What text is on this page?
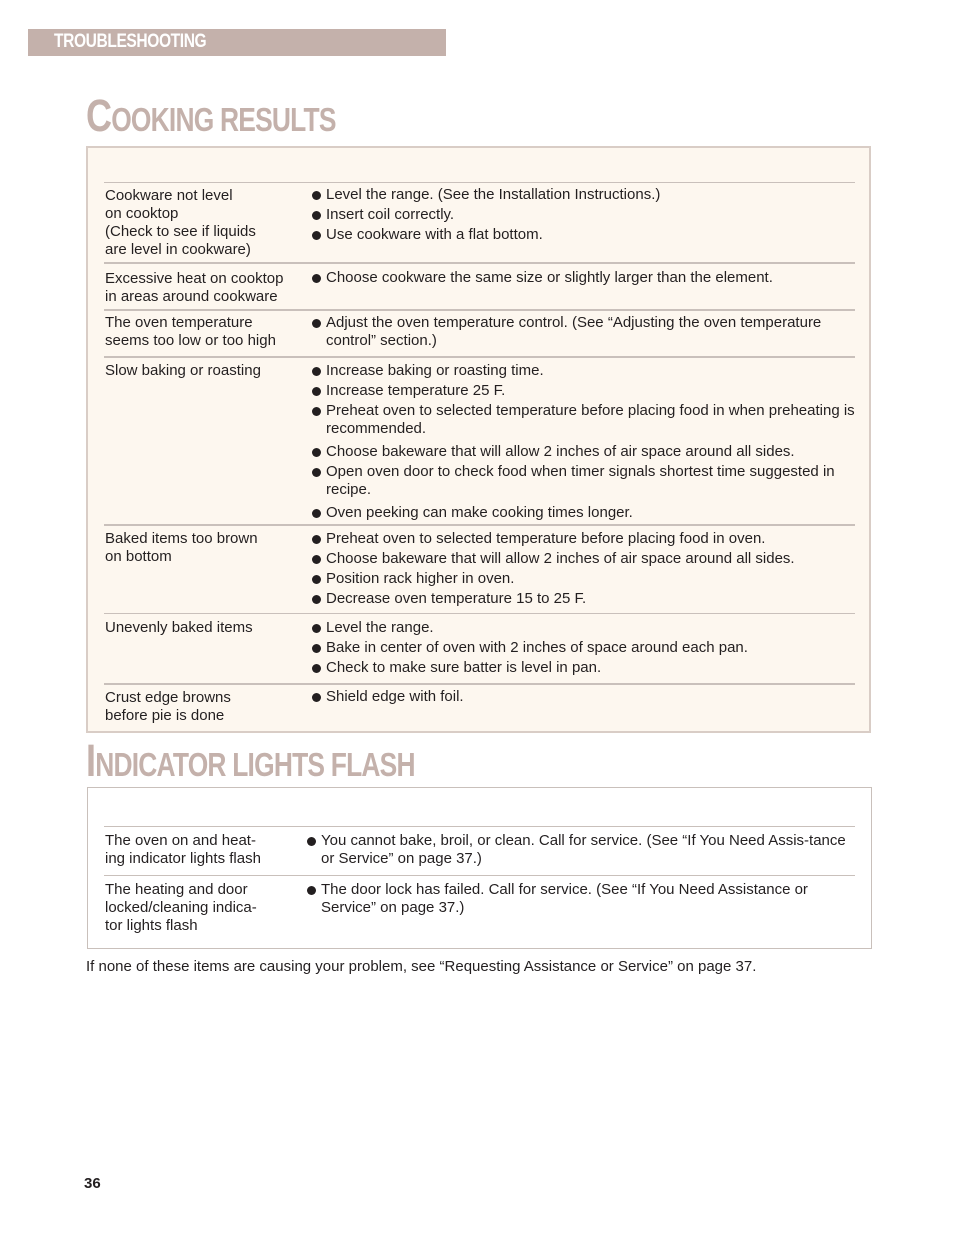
TROUBLESHOOTING
COOKING RESULTS
Cookware not level
on cooktop
(Check to see if liquids
are level in cookware)
Level the range. (See the Installation Instructions.)
Insert coil correctly.
Use cookware with a flat bottom.
Excessive heat on cooktop
in areas around cookware
Choose cookware the same size or slightly larger than the element.
The oven temperature
seems too low or too high
Adjust the oven temperature control. (See “Adjusting the oven temperature control” section.)
Slow baking or roasting	Increase baking or roasting time.
Increase temperature 25 F.
Preheat oven to selected temperature before placing food in when preheating is recommended.
Choose bakeware that will allow 2 inches of air space around all sides.
Open oven door to check food when timer signals shortest time suggested in recipe.
Oven peeking can make cooking times longer.
Baked items too brown
on bottom
Preheat oven to selected temperature before placing food in oven.
Choose bakeware that will allow 2 inches of air space around all sides.
Position rack higher in oven.
Decrease oven temperature 15 to 25 F.
Unevenly baked items	Level the range.
Bake in center of oven with 2 inches of space around each pan.
Check to make sure batter is level in pan.
Crust edge browns
before pie is done
Shield edge with foil.
INDICATOR LIGHTS FLASH
The oven on and heat-
ing indicator lights flash
You cannot bake, broil, or clean. Call for service. (See “If You Need Assis-tance or Service” on page 37.)
The heating and door
locked/cleaning indica-
tor lights flash
The door lock has failed. Call for service. (See “If You Need Assistance or Service” on page 37.)
If none of these items are causing your problem, see “Requesting Assistance or Service” on page 37.
36
